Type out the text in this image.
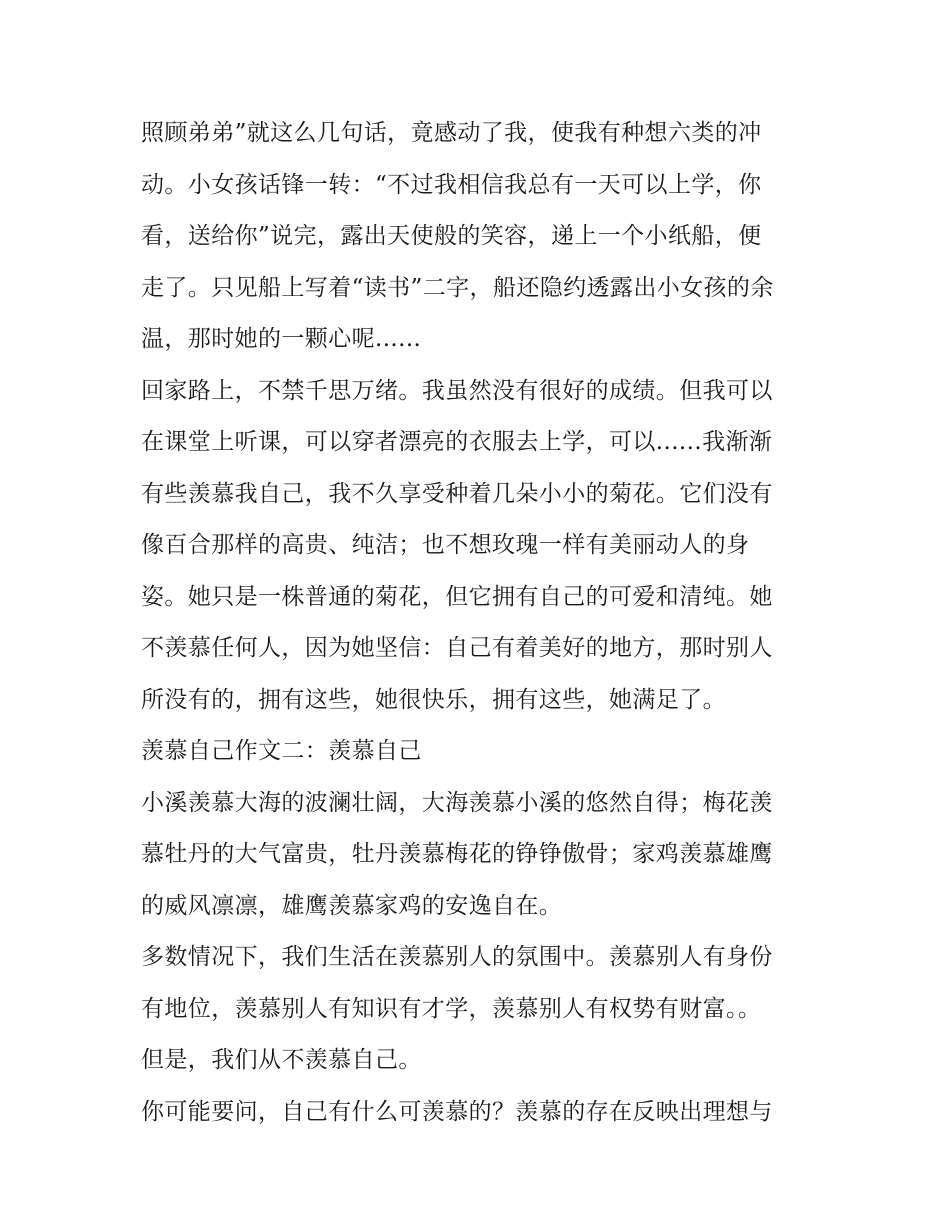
照顾弟弟”就这么几句话，竟感动了我，使我有种想六类的冲
动。小女孩话锋一转：“不过我相信我总有一天可以上学，你
看，送给你”说完，露出天使般的笑容，递上一个小纸船，便
走了。只见船上写着“读书”二字，船还隐约透露出小女孩的余
温，那时她的一颗心呢......
回家路上，不禁千思万绪。我虽然没有很好的成绩。但我可以
在课堂上听课，可以穿者漂亮的衣服去上学，可以......我渐渐
有些羡慕我自己，我不久享受种着几朵小小的菊花。它们没有
像百合那样的高贵、纯洁；也不想玫瑰一样有美丽动人的身
姿。她只是一株普通的菊花，但它拥有自己的可爱和清纯。她
不羡慕任何人，因为她坚信：自己有着美好的地方，那时别人
所没有的，拥有这些，她很快乐，拥有这些，她满足了。
羡慕自己作文二：羡慕自己
小溪羡慕大海的波澜壮阔，大海羡慕小溪的悠然自得；梅花羡
慕牡丹的大气富贵，牡丹羡慕梅花的铮铮傲骨；家鸡羡慕雄鹰
的威风凛凛，雄鹰羡慕家鸡的安逸自在。
多数情况下，我们生活在羡慕别人的氛围中。羡慕别人有身份
有地位，羡慕别人有知识有才学，羡慕别人有权势有财富。。
但是，我们从不羡慕自己。
你可能要问，自己有什么可羡慕的？羡慕的存在反映出理想与
